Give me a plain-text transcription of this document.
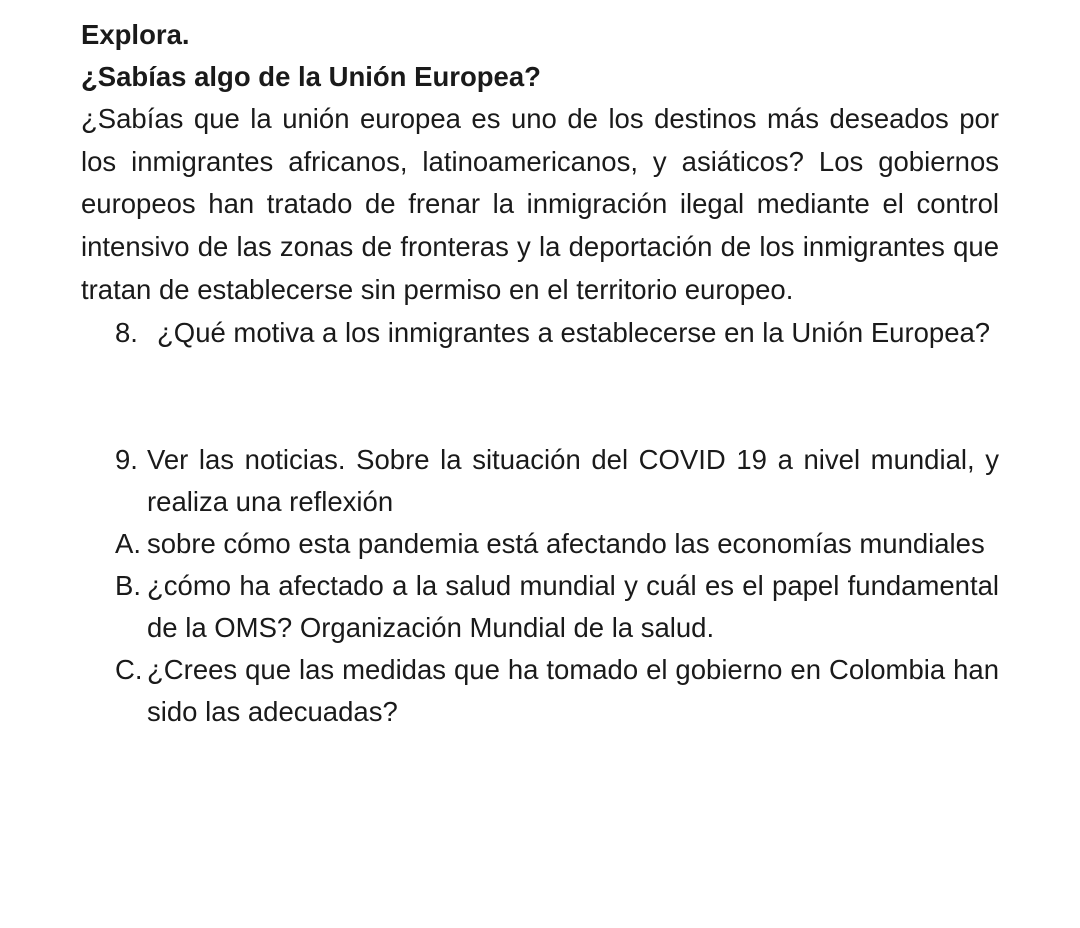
Explora.
¿Sabías algo de la Unión Europea?

¿Sabías que la unión europea es uno de los destinos más deseados por los inmigrantes africanos, latinoamericanos, y asiáticos? Los gobiernos europeos han tratado de frenar la inmigración ilegal mediante el control intensivo de las zonas de fronteras y la deportación de los inmigrantes que tratan de establecerse sin permiso en el territorio europeo.

8. ¿Qué motiva a los inmigrantes a establecerse en la Unión Europea?
9. Ver las noticias. Sobre la situación del COVID 19 a nivel mundial, y realiza una reflexión
A. sobre cómo esta pandemia está afectando las economías mundiales
B. ¿cómo ha afectado a la salud mundial y cuál es el papel fundamental de la OMS? Organización Mundial de la salud.
C. ¿Crees que las medidas que ha tomado el gobierno en Colombia han sido las adecuadas?
